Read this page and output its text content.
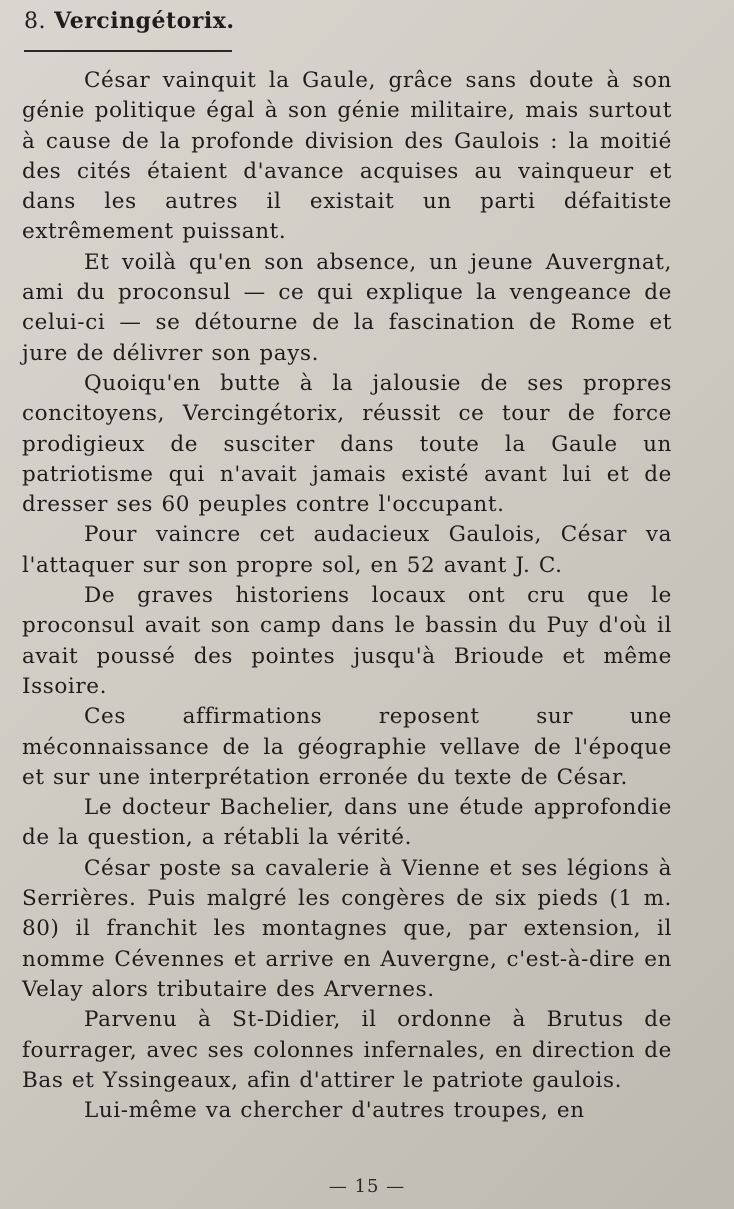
8. Vercingétorix.

César vainquit la Gaule, grâce sans doute à son génie politique égal à son génie militaire, mais surtout à cause de la profonde division des Gaulois : la moitié des cités étaient d'avance acquises au vainqueur et dans les autres il existait un parti défaitiste extrêmement puissant.

Et voilà qu'en son absence, un jeune Auvergnat, ami du proconsul — ce qui explique la vengeance de celui-ci — se détourne de la fascination de Rome et jure de délivrer son pays.

Quoiqu'en butte à la jalousie de ses propres concitoyens, Vercingétorix, réussit ce tour de force prodigieux de susciter dans toute la Gaule un patriotisme qui n'avait jamais existé avant lui et de dresser ses 60 peuples contre l'occupant.

Pour vaincre cet audacieux Gaulois, César va l'attaquer sur son propre sol, en 52 avant J. C.

De graves historiens locaux ont cru que le proconsul avait son camp dans le bassin du Puy d'où il avait poussé des pointes jusqu'à Brioude et même Issoire.

Ces affirmations reposent sur une méconnaissance de la géographie vellave de l'époque et sur une interprétation erronée du texte de César.

Le docteur Bachelier, dans une étude approfondie de la question, a rétabli la vérité.

César poste sa cavalerie à Vienne et ses légions à Serrières. Puis malgré les congères de six pieds (1 m. 80) il franchit les montagnes que, par extension, il nomme Cévennes et arrive en Auvergne, c'est-à-dire en Velay alors tributaire des Arvernes.

Parvenu à St-Didier, il ordonne à Brutus de fourrager, avec ses colonnes infernales, en direction de Bas et Yssingeaux, afin d'attirer le patriote gaulois.

Lui-même va chercher d'autres troupes, en

— 15 —
